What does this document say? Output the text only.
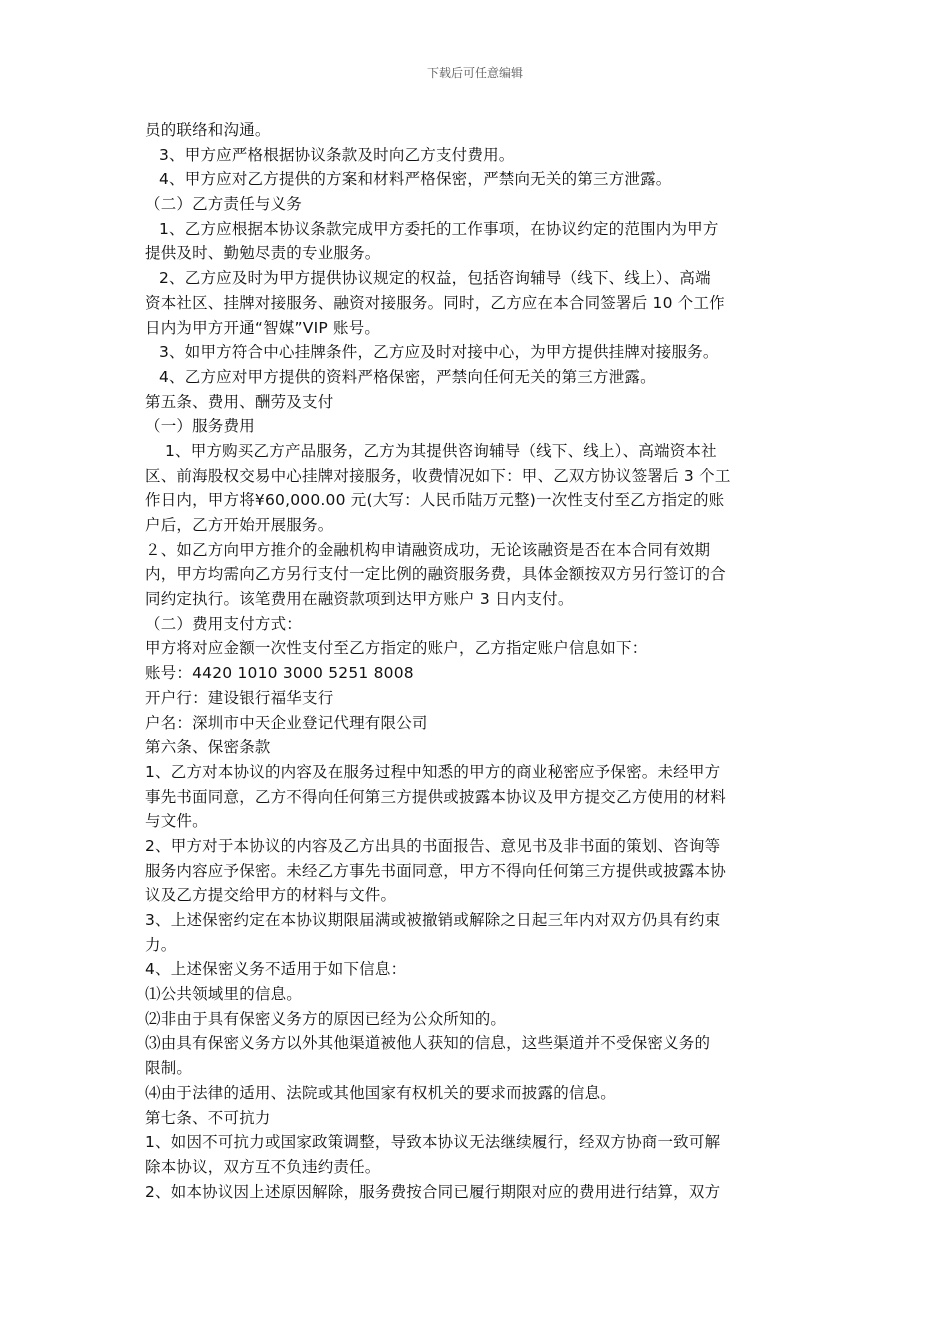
下载后可任意编辑
员的联络和沟通。
3、甲方应严格根据协议条款及时向乙方支付费用。
4、甲方应对乙方提供的方案和材料严格保密，严禁向无关的第三方泄露。
（二）乙方责任与义务
1、乙方应根据本协议条款完成甲方委托的工作事项，在协议约定的范围内为甲方
提供及时、勤勉尽责的专业服务。
2、乙方应及时为甲方提供协议规定的权益，包括咨询辅导（线下、线上）、高端
资本社区、挂牌对接服务、融资对接服务。同时，乙方应在本合同签署后 10 个工作
日内为甲方开通“智媒”VIP 账号。
3、如甲方符合中心挂牌条件，乙方应及时对接中心，为甲方提供挂牌对接服务。
4、乙方应对甲方提供的资料严格保密，严禁向任何无关的第三方泄露。
第五条、费用、酬劳及支付
（一）服务费用
1、甲方购买乙方产品服务，乙方为其提供咨询辅导（线下、线上）、高端资本社
区、前海股权交易中心挂牌对接服务，收费情况如下：甲、乙双方协议签署后 3 个工
作日内，甲方将¥60,000.00 元(大写：人民币陆万元整)一次性支付至乙方指定的账
户后，乙方开始开展服务。
２、如乙方向甲方推介的金融机构申请融资成功，无论该融资是否在本合同有效期
内，甲方均需向乙方另行支付一定比例的融资服务费，具体金额按双方另行签订的合
同约定执行。该笔费用在融资款项到达甲方账户 3 日内支付。
（二）费用支付方式：
甲方将对应金额一次性支付至乙方指定的账户，乙方指定账户信息如下：
账号：4420 1010 3000 5251 8008
开户行：建设银行福华支行
户名：深圳市中天企业登记代理有限公司
第六条、保密条款
1、乙方对本协议的内容及在服务过程中知悉的甲方的商业秘密应予保密。未经甲方
事先书面同意，乙方不得向任何第三方提供或披露本协议及甲方提交乙方使用的材料
与文件。
2、甲方对于本协议的内容及乙方出具的书面报告、意见书及非书面的策划、咨询等
服务内容应予保密。未经乙方事先书面同意，甲方不得向任何第三方提供或披露本协
议及乙方提交给甲方的材料与文件。
3、上述保密约定在本协议期限届满或被撤销或解除之日起三年内对双方仍具有约束
力。
4、上述保密义务不适用于如下信息：
⑴公共领域里的信息。
⑵非由于具有保密义务方的原因已经为公众所知的。
⑶由具有保密义务方以外其他渠道被他人获知的信息，这些渠道并不受保密义务的
限制。
⑷由于法律的适用、法院或其他国家有权机关的要求而披露的信息。
第七条、不可抗力
1、如因不可抗力或国家政策调整，导致本协议无法继续履行，经双方协商一致可解
除本协议，双方互不负违约责任。
2、如本协议因上述原因解除，服务费按合同已履行期限对应的费用进行结算，双方
